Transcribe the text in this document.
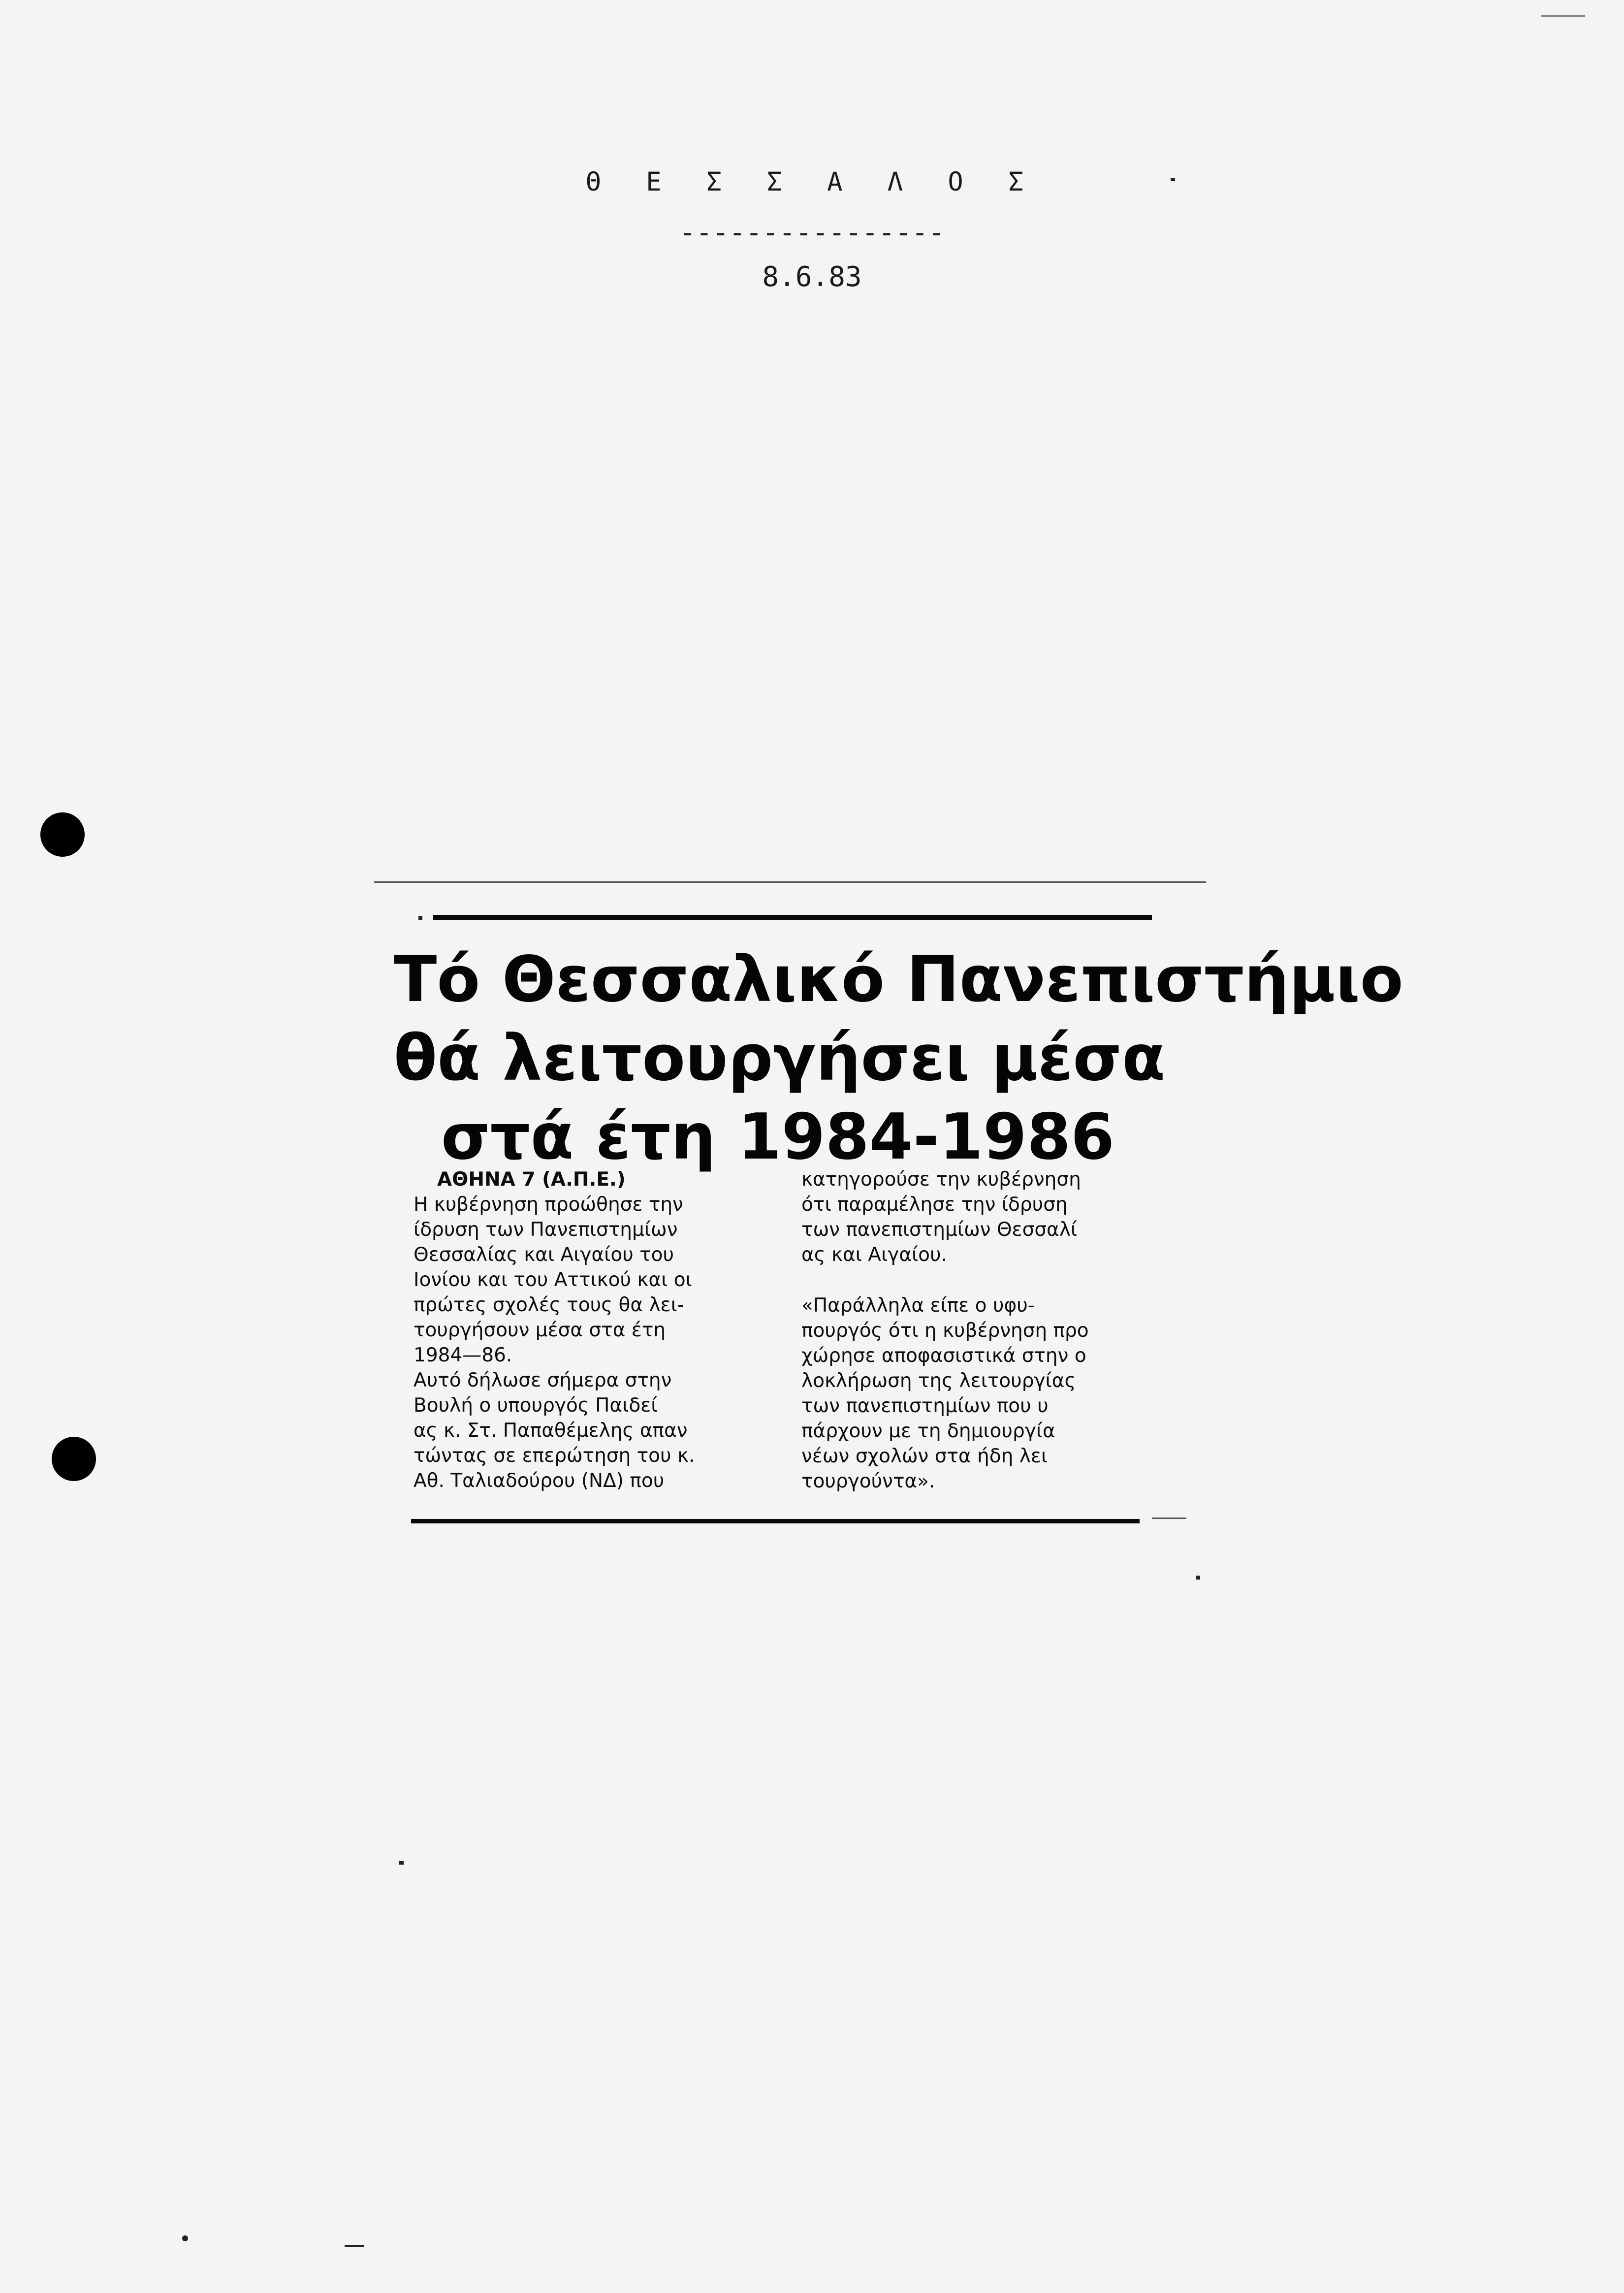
Θ Ε Σ Σ Α Λ Ο Σ
----------------
8.6.83
Τό Θεσσαλικό Πανεπιστήμιο
θά λειτουργήσει μέσα
στά έτη 1984-1986

ΑΘΗΝΑ 7 (Α.Π.Ε.)

Η κυβέρνηση προώθησε την

ίδρυση των Πανεπιστημίων

Θεσσαλίας και Αιγαίου του

Ιονίου και του Αττικού και οι

πρώτες σχολές τους θα λει-

τουργήσουν μέσα στα έτη

1984—86.

Αυτό δήλωσε σήμερα στην

Βουλή ο υπουργός Παιδεί

ας κ. Στ. Παπαθέμελης απαν

τώντας σε επερώτηση του κ.

Αθ. Ταλιαδούρου (ΝΔ) που

κατηγορούσε την κυβέρνηση

ότι παραμέλησε την ίδρυση

των πανεπιστημίων Θεσσαλί

ας και Αιγαίου.

«Παράλληλα είπε ο υφυ-

πουργός ότι η κυβέρνηση προ

χώρησε αποφασιστικά στην ο

λοκλήρωση της λειτουργίας

των πανεπιστημίων που υ

πάρχουν με τη δημιουργία

νέων σχολών στα ήδη λει

τουργούντα».
